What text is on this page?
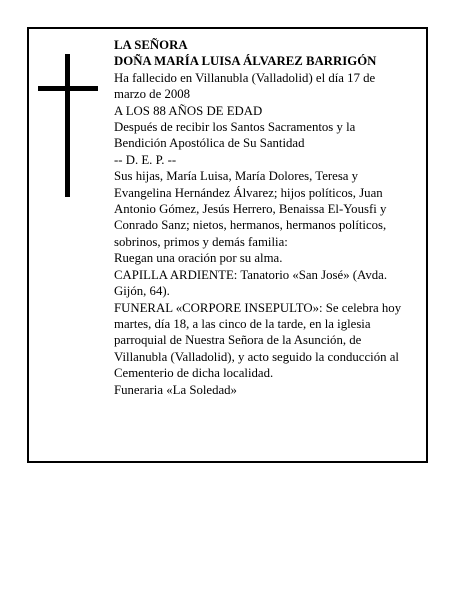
LA SEÑORA

DOÑA MARÍA LUISA ÁLVAREZ BARRIGÓN

Ha fallecido en Villanubla (Valladolid) el día 17 de

marzo de 2008

A LOS 88 AÑOS DE EDAD

Después de recibir los Santos Sacramentos y la

Bendición Apostólica de Su Santidad

-- D. E. P. --

Sus hijas, María Luisa, María Dolores, Teresa y

Evangelina Hernández Álvarez; hijos políticos, Juan

Antonio Gómez, Jesús Herrero, Benaissa El-Yousfi y

Conrado Sanz; nietos, hermanos, hermanos políticos,

sobrinos, primos y demás familia:

Ruegan una oración por su alma.

CAPILLA ARDIENTE: Tanatorio «San José» (Avda.

Gijón, 64).

FUNERAL «CORPORE INSEPULTO»: Se celebra hoy

martes, día 18, a las cinco de la tarde, en la iglesia

parroquial de Nuestra Señora de la Asunción, de

Villanubla (Valladolid), y acto seguido la conducción al

Cementerio de dicha localidad.

Funeraria «La Soledad»
